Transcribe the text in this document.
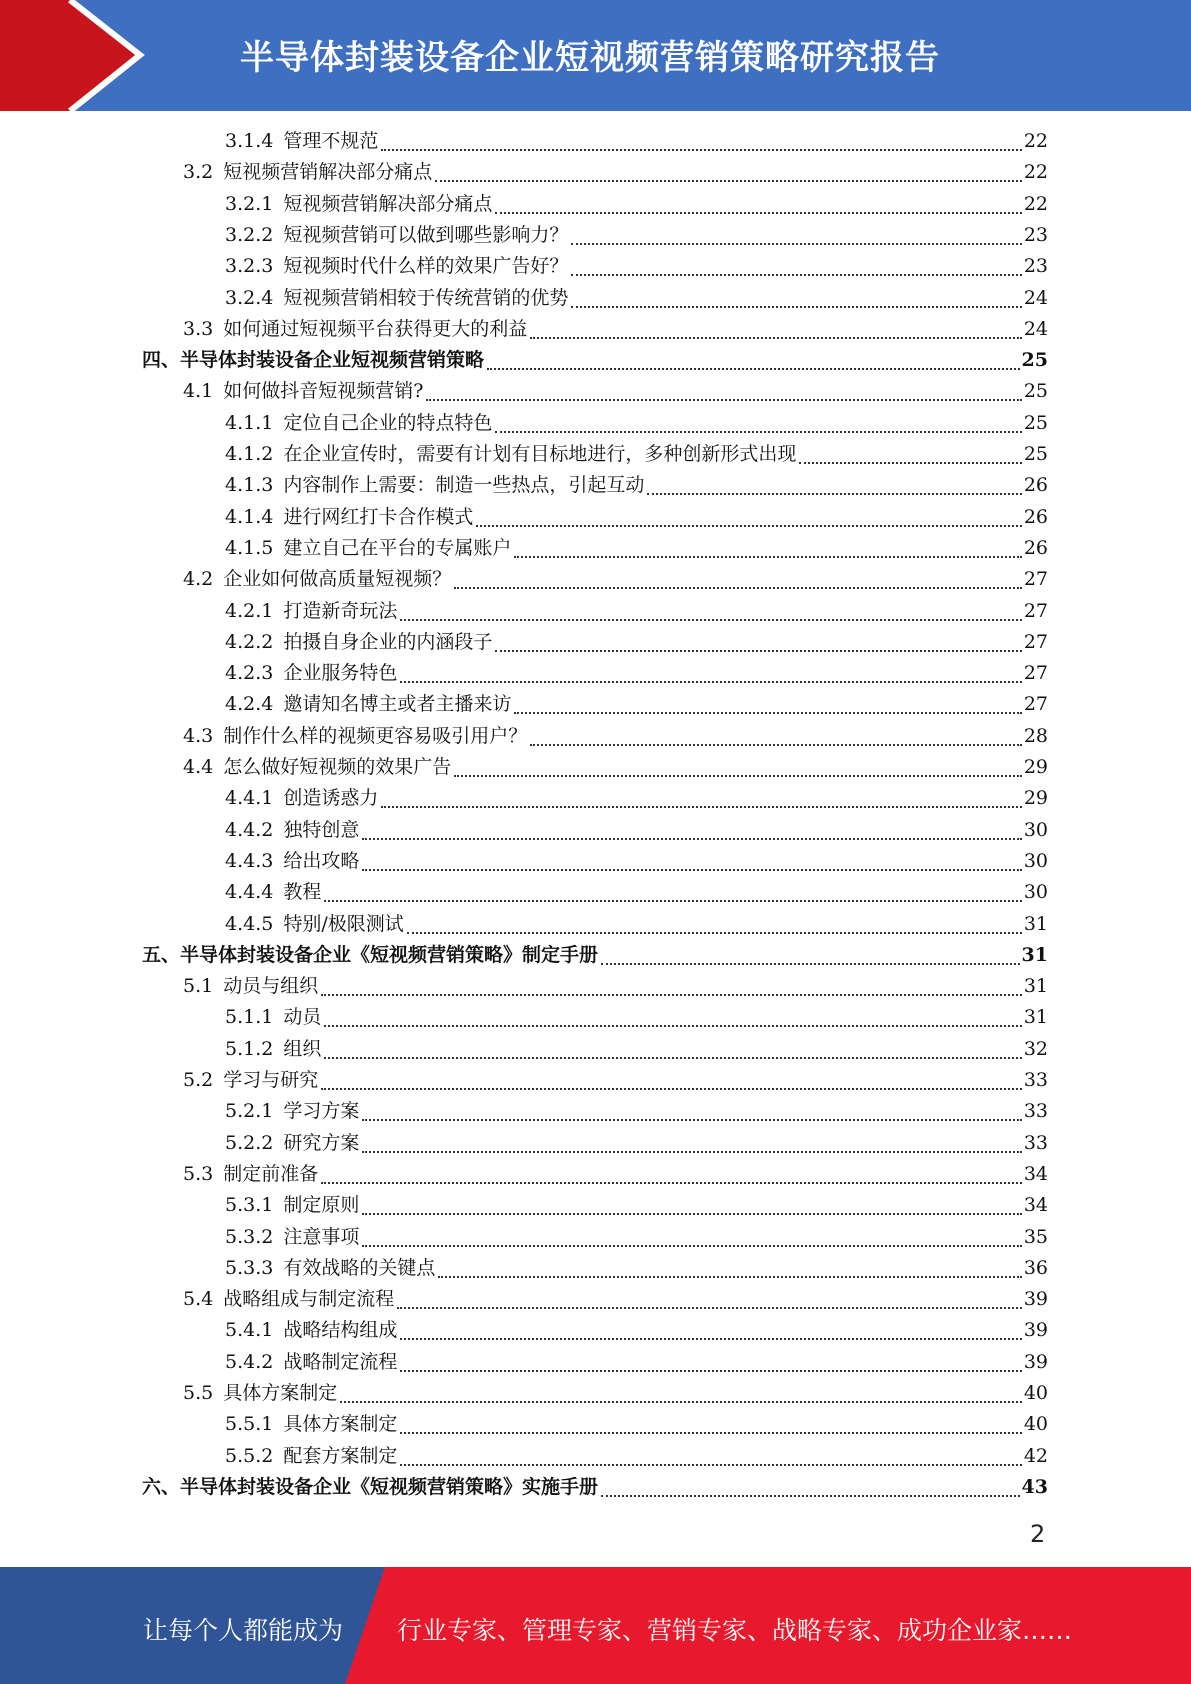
半导体封装设备企业短视频营销策略研究报告
3.1.4 管理不规范	22
3.2 短视频营销解决部分痛点	22
3.2.1 短视频营销解决部分痛点	22
3.2.2 短视频营销可以做到哪些影响力？	23
3.2.3 短视频时代什么样的效果广告好？	23
3.2.4 短视频营销相较于传统营销的优势	24
3.3 如何通过短视频平台获得更大的利益	24
四、半导体封装设备企业短视频营销策略	25
4.1 如何做抖音短视频营销?	25
4.1.1 定位自己企业的特点特色	25
4.1.2 在企业宣传时，需要有计划有目标地进行，多种创新形式出现	25
4.1.3 内容制作上需要：制造一些热点，引起互动	26
4.1.4 进行网红打卡合作模式	26
4.1.5 建立自己在平台的专属账户	26
4.2 企业如何做高质量短视频？	27
4.2.1 打造新奇玩法	27
4.2.2 拍摄自身企业的内涵段子	27
4.2.3 企业服务特色	27
4.2.4 邀请知名博主或者主播来访	27
4.3 制作什么样的视频更容易吸引用户？	28
4.4 怎么做好短视频的效果广告	29
4.4.1 创造诱惑力	29
4.4.2 独特创意	30
4.4.3 给出攻略	30
4.4.4 教程	30
4.4.5 特别/极限测试	31
五、半导体封装设备企业《短视频营销策略》制定手册	31
5.1 动员与组织	31
5.1.1 动员	31
5.1.2 组织	32
5.2 学习与研究	33
5.2.1 学习方案	33
5.2.2 研究方案	33
5.3 制定前准备	34
5.3.1 制定原则	34
5.3.2 注意事项	35
5.3.3 有效战略的关键点	36
5.4 战略组成与制定流程	39
5.4.1 战略结构组成	39
5.4.2 战略制定流程	39
5.5 具体方案制定	40
5.5.1 具体方案制定	40
5.5.2 配套方案制定	42
六、半导体封装设备企业《短视频营销策略》实施手册	43
2
让每个人都能成为 行业专家、管理专家、营销专家、战略专家、成功企业家……
